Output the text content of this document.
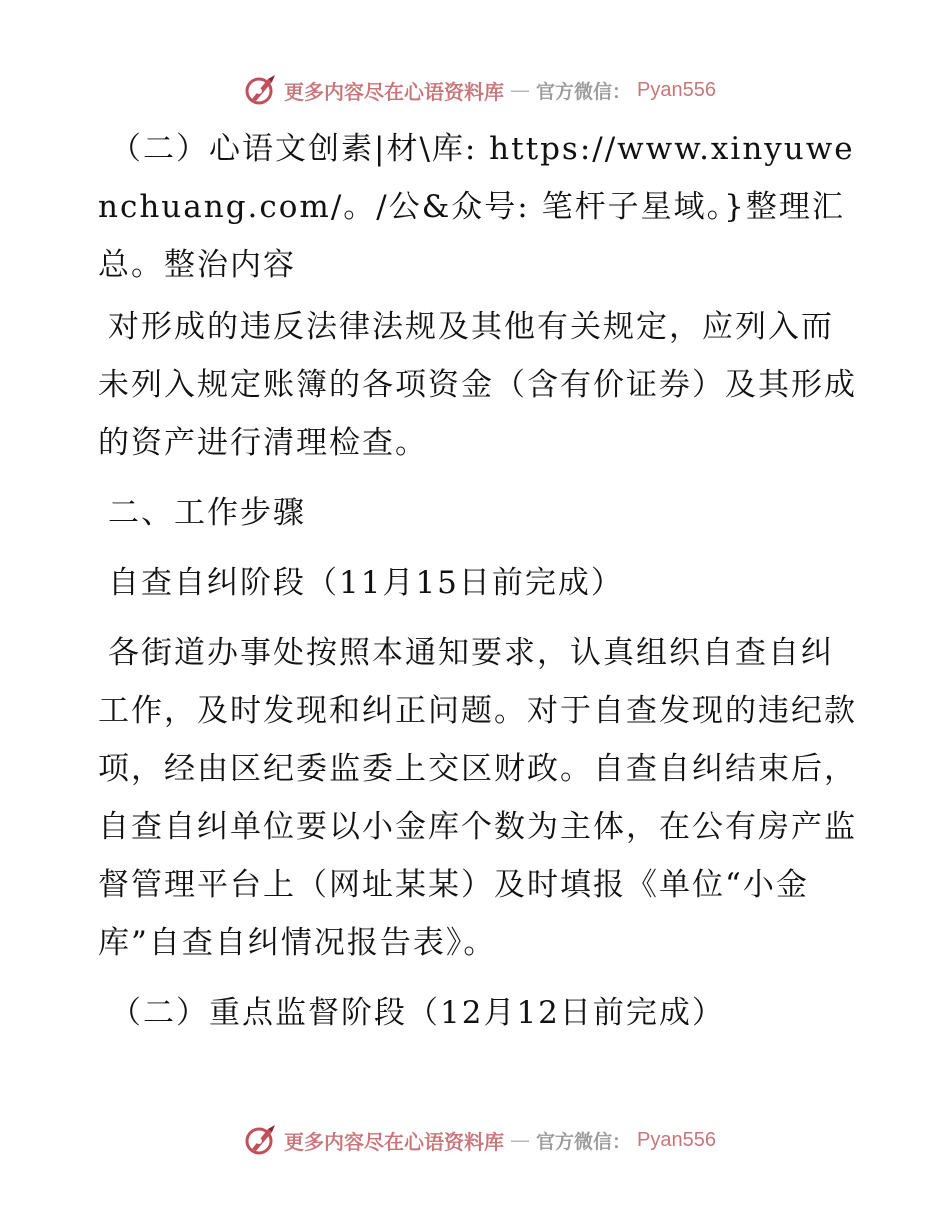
更多内容尽在心语资料库 — 官方微信： Pyan556

（二）心语文创素|材\库: https://www.xinyuwenchuang.com/。/公&众号: 笔杆子星域。}整理汇总。整治内容

对形成的违反法律法规及其他有关规定，应列入而未列入规定账簿的各项资金（含有价证券）及其形成的资产进行清理检查。

二、工作步骤

自查自纠阶段（11月15日前完成）

各街道办事处按照本通知要求，认真组织自查自纠工作，及时发现和纠正问题。对于自查发现的违纪款项，经由区纪委监委上交区财政。自查自纠结束后，自查自纠单位要以小金库个数为主体，在公有房产监督管理平台上（网址某某）及时填报《单位“小金库”自查自纠情况报告表》。

（二）重点监督阶段（12月12日前完成）

更多内容尽在心语资料库 — 官方微信： Pyan556
